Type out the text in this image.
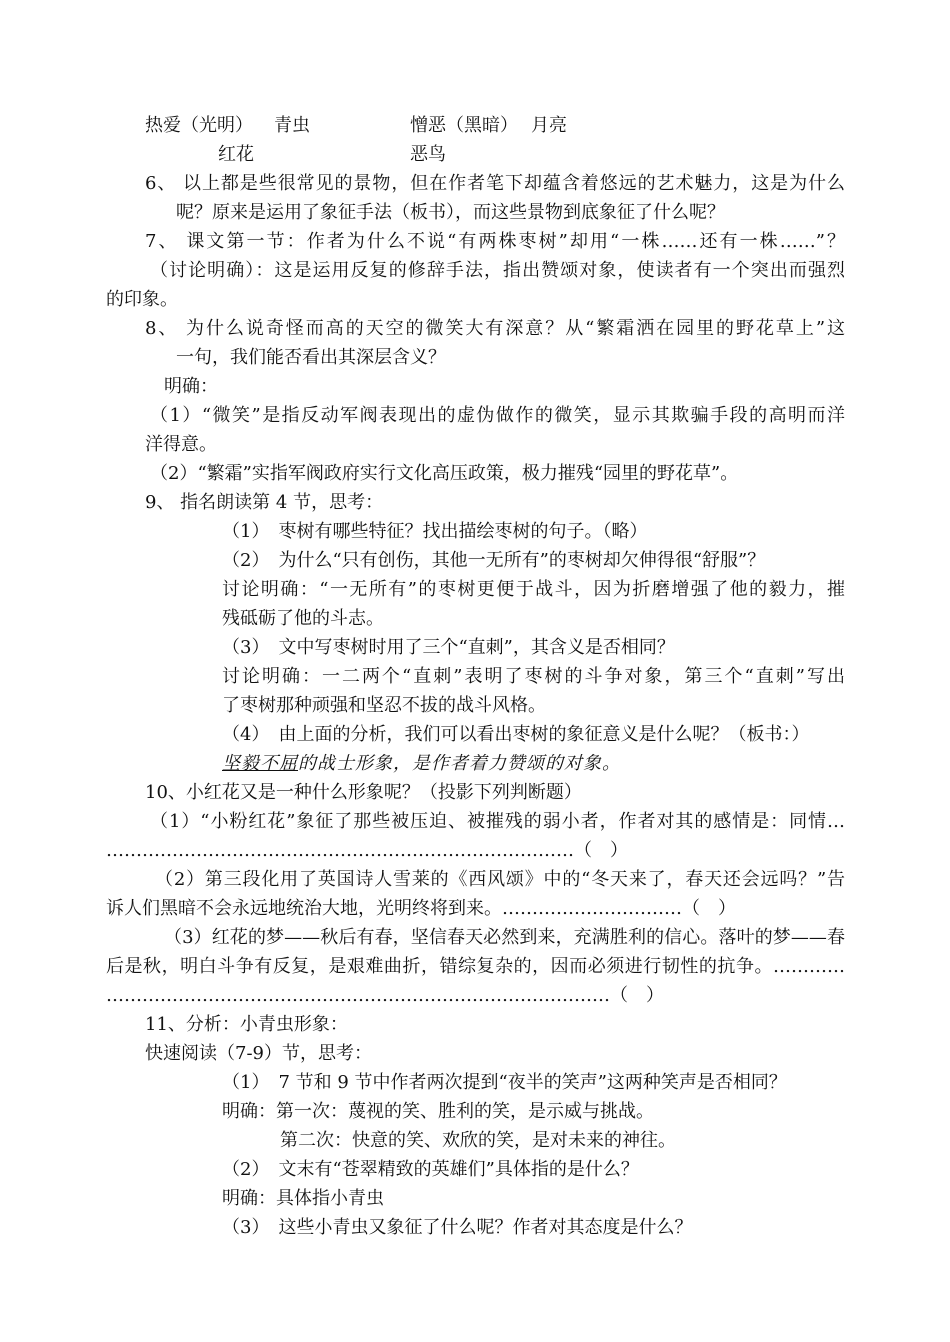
热爱（光明） 青虫	憎恶（黑暗） 月亮
红花	恶鸟
6、 以上都是些很常见的景物，但在作者笔下却蕴含着悠远的艺术魅力，这是为什么
呢？原来是运用了象征手法（板书），而这些景物到底象征了什么呢？
7、 课文第一节：作者为什么不说“有两株枣树”却用“一株……还有一株……”？
（讨论明确）：这是运用反复的修辞手法，指出赞颂对象，使读者有一个突出而强烈
的印象。
8、 为什么说奇怪而高的天空的微笑大有深意？从“繁霜洒在园里的野花草上”这
一句，我们能否看出其深层含义？
明确：
（1）“微笑”是指反动军阀表现出的虚伪做作的微笑，显示其欺骗手段的高明而洋
洋得意。
（2）“繁霜”实指军阀政府实行文化高压政策，极力摧残“园里的野花草”。
9、 指名朗读第 4 节，思考：
（1）　枣树有哪些特征？找出描绘枣树的句子。（略）
（2）　为什么“只有创伤，其他一无所有”的枣树却欠伸得很“舒服”？
讨论明确：“一无所有”的枣树更便于战斗，因为折磨增强了他的毅力，摧
残砥砺了他的斗志。
（3）　文中写枣树时用了三个“直刺”，其含义是否相同？
讨论明确：一二两个“直刺”表明了枣树的斗争对象，第三个“直刺”写出
了枣树那种顽强和坚忍不拔的战斗风格。
（4）　由上面的分析，我们可以看出枣树的象征意义是什么呢？（板书：）
坚毅不屈的战士形象，是作者着力赞颂的对象。
10、小红花又是一种什么形象呢？（投影下列判断题）
（1）“小粉红花”象征了那些被压迫、被摧残的弱小者，作者对其的感情是：同情…
……………………………………………………………………（　）
（2）第三段化用了英国诗人雪莱的《西风颂》中的“冬天来了，春天还会远吗？”告
诉人们黑暗不会永远地统治大地，光明终将到来。…………………………（　）
（3）红花的梦——秋后有春，坚信春天必然到来，充满胜利的信心。落叶的梦——春
后是秋，明白斗争有反复，是艰难曲折，错综复杂的，因而必须进行韧性的抗争。…………
…………………………………………………………………………（　）
11、分析：小青虫形象：
快速阅读（7-9）节，思考：
（1）　7 节和 9 节中作者两次提到“夜半的笑声”这两种笑声是否相同？
明确：第一次：蔑视的笑、胜利的笑，是示威与挑战。
第二次：快意的笑、欢欣的笑，是对未来的神往。
（2）　文末有“苍翠精致的英雄们”具体指的是什么？
明确：具体指小青虫
（3）　这些小青虫又象征了什么呢？作者对其态度是什么？
